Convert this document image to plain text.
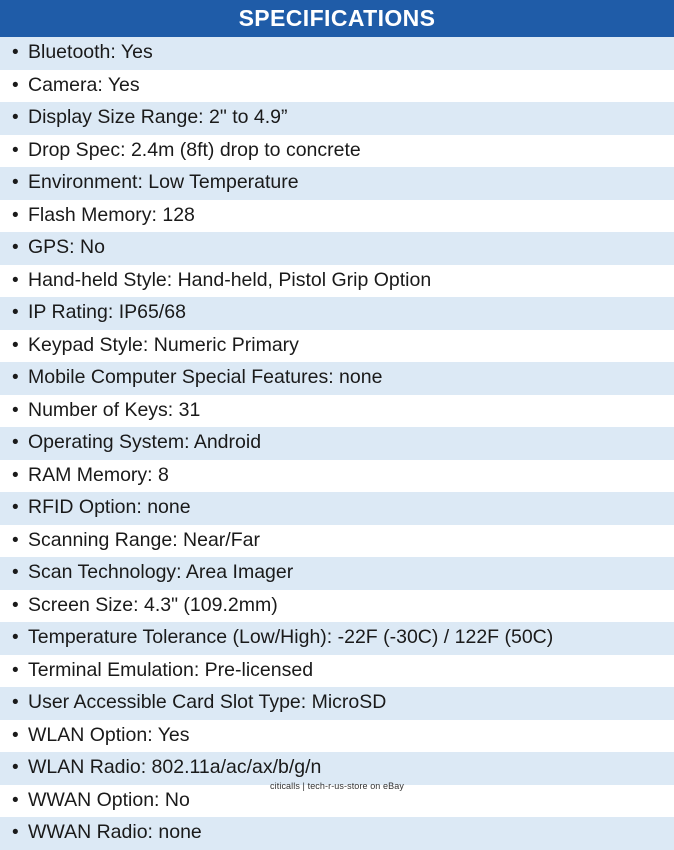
SPECIFICATIONS
• Bluetooth: Yes
• Camera: Yes
• Display Size Range: 2" to 4.9”
• Drop Spec: 2.4m (8ft) drop to concrete
• Environment: Low Temperature
• Flash Memory: 128
• GPS: No
• Hand-held Style: Hand-held, Pistol Grip Option
• IP Rating: IP65/68
• Keypad Style: Numeric Primary
• Mobile Computer Special Features: none
• Number of Keys: 31
• Operating System: Android
• RAM Memory: 8
• RFID Option: none
• Scanning Range: Near/Far
• Scan Technology: Area Imager
• Screen Size: 4.3" (109.2mm)
• Temperature Tolerance (Low/High): -22F (-30C) / 122F (50C)
• Terminal Emulation: Pre-licensed
• User Accessible Card Slot Type: MicroSD
• WLAN Option: Yes
• WLAN Radio: 802.11a/ac/ax/b/g/n
• WWAN Option: No
• WWAN Radio: none
citicalls | tech-r-us-store on eBay
